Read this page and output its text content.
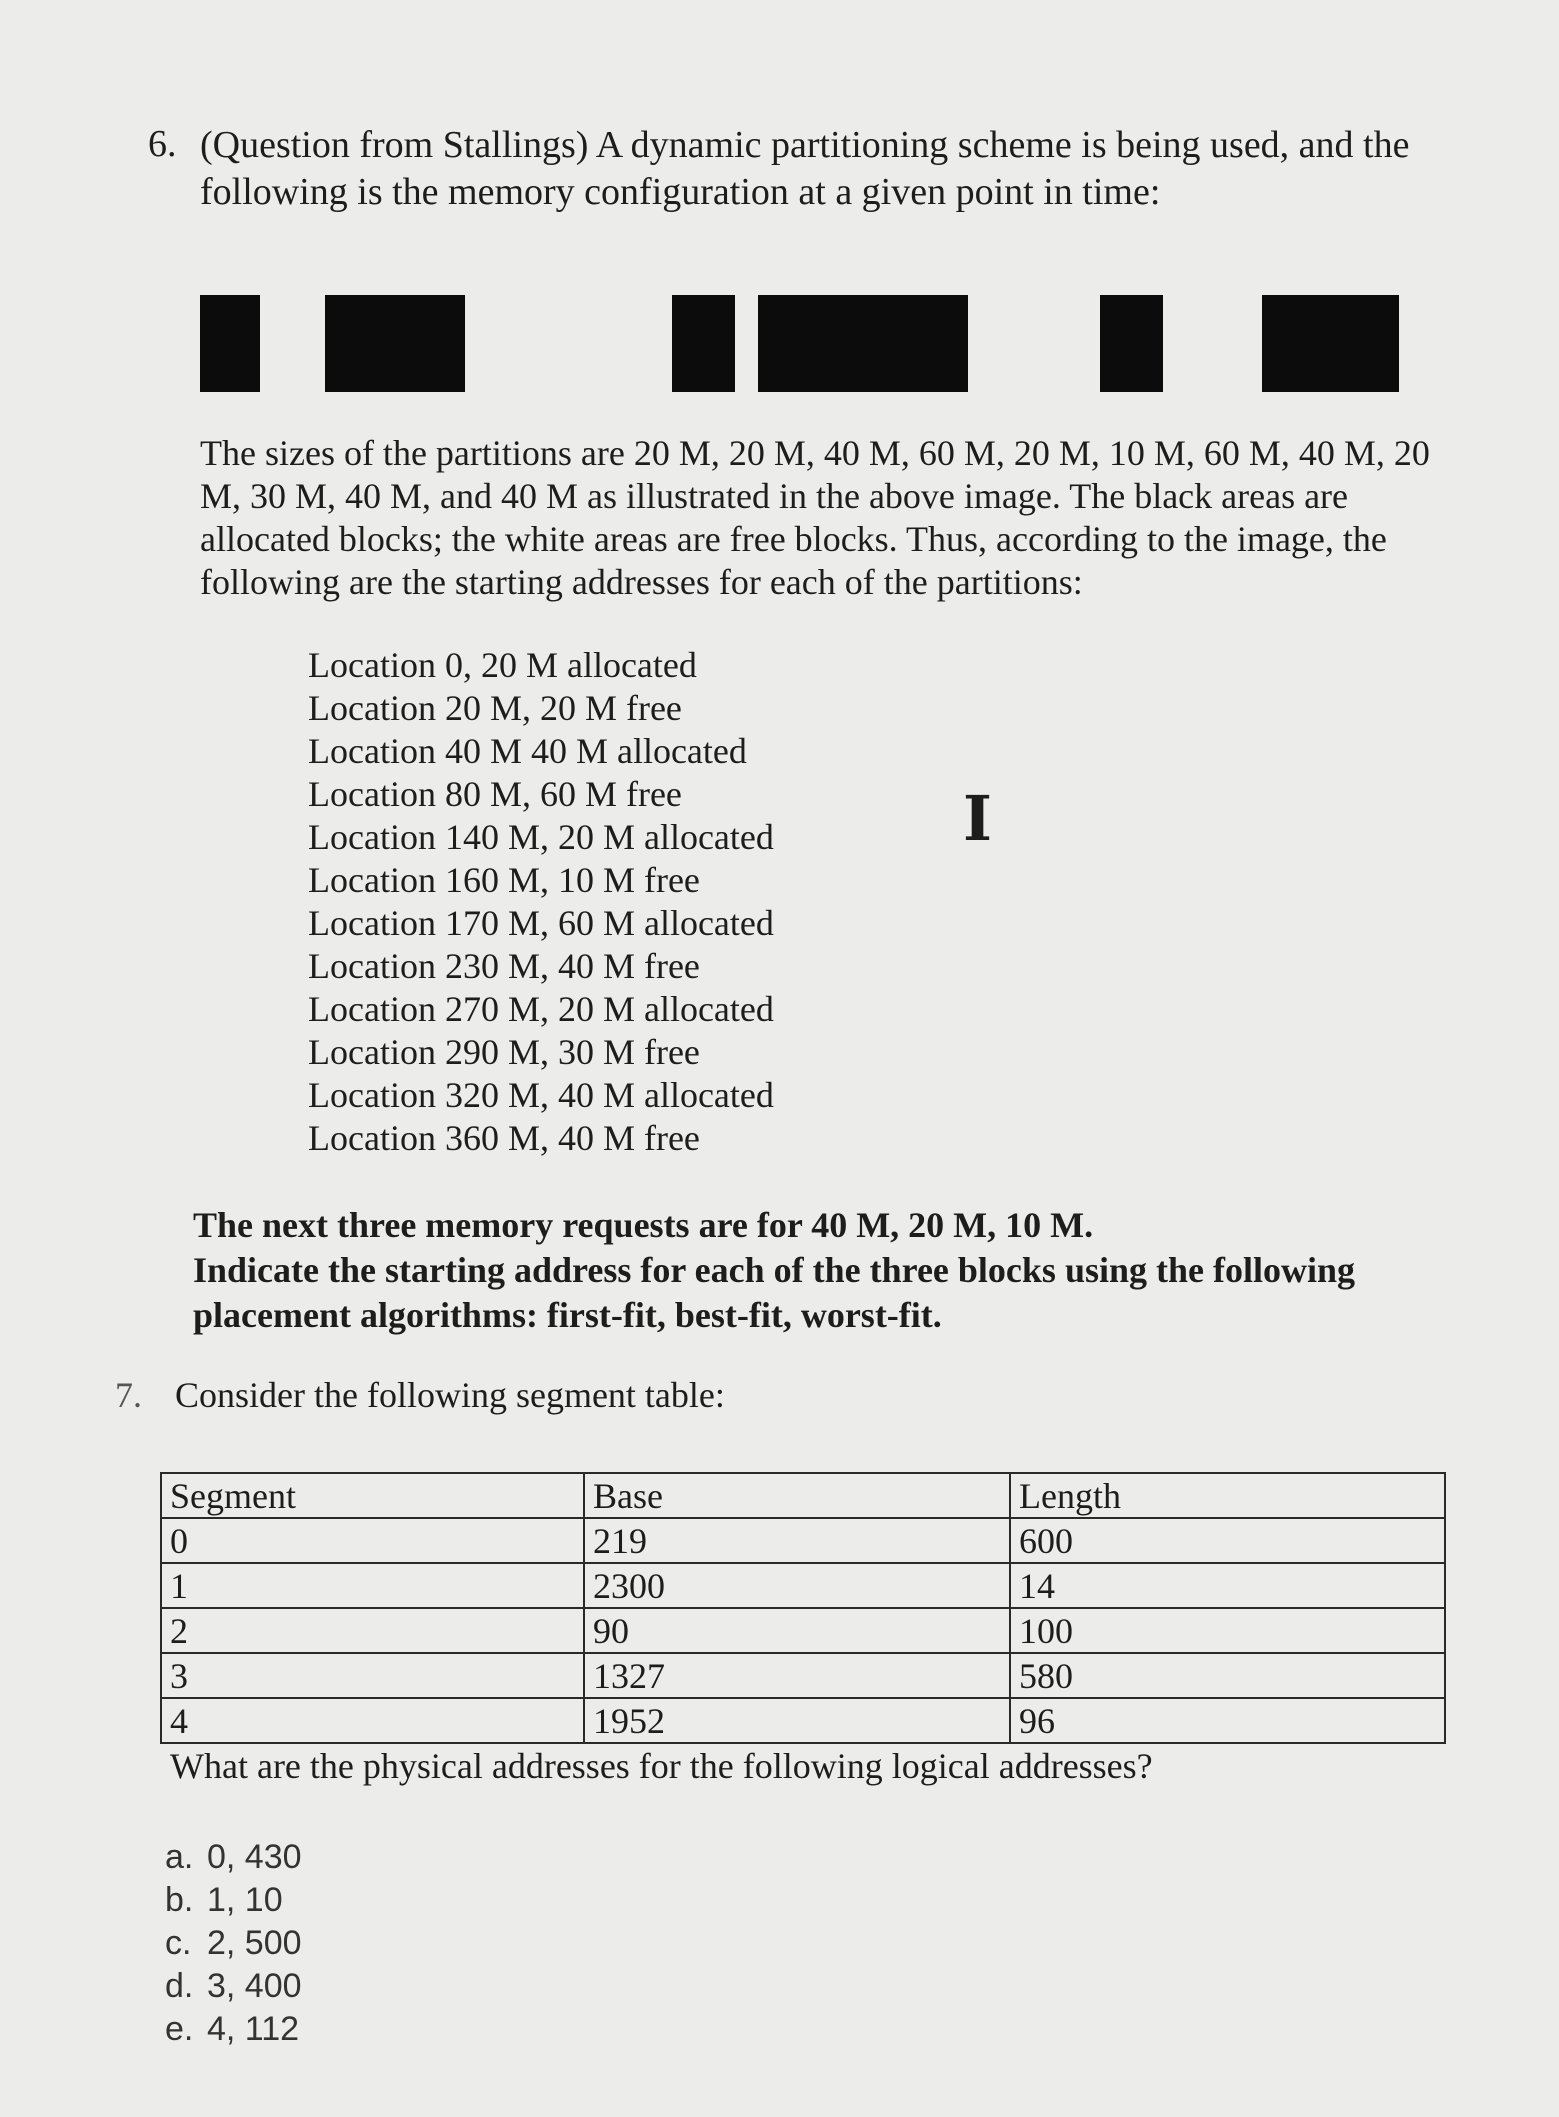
6. (Question from Stallings) A dynamic partitioning scheme is being used, and the following is the memory configuration at a given point in time:
The sizes of the partitions are 20 M, 20 M, 40 M, 60 M, 20 M, 10 M, 60 M, 40 M, 20 M, 30 M, 40 M, and 40 M as illustrated in the above image. The black areas are allocated blocks; the white areas are free blocks. Thus, according to the image, the following are the starting addresses for each of the partitions:
Location 0, 20 M allocated
Location 20 M, 20 M free
Location 40 M 40 M allocated
Location 80 M, 60 M free
Location 140 M, 20 M allocated
Location 160 M, 10 M free
Location 170 M, 60 M allocated
Location 230 M, 40 M free
Location 270 M, 20 M allocated
Location 290 M, 30 M free
Location 320 M, 40 M allocated
Location 360 M, 40 M free
I
The next three memory requests are for 40 M, 20 M, 10 M.
Indicate the starting address for each of the three blocks using the following placement algorithms: first-fit, best-fit, worst-fit.
7. Consider the following segment table:
Segment	Base	Length
0	219	600
1	2300	14
2	90	100
3	1327	580
4	1952	96
What are the physical addresses for the following logical addresses?
a. 0, 430
b. 1, 10
c. 2, 500
d. 3, 400
e. 4, 112
